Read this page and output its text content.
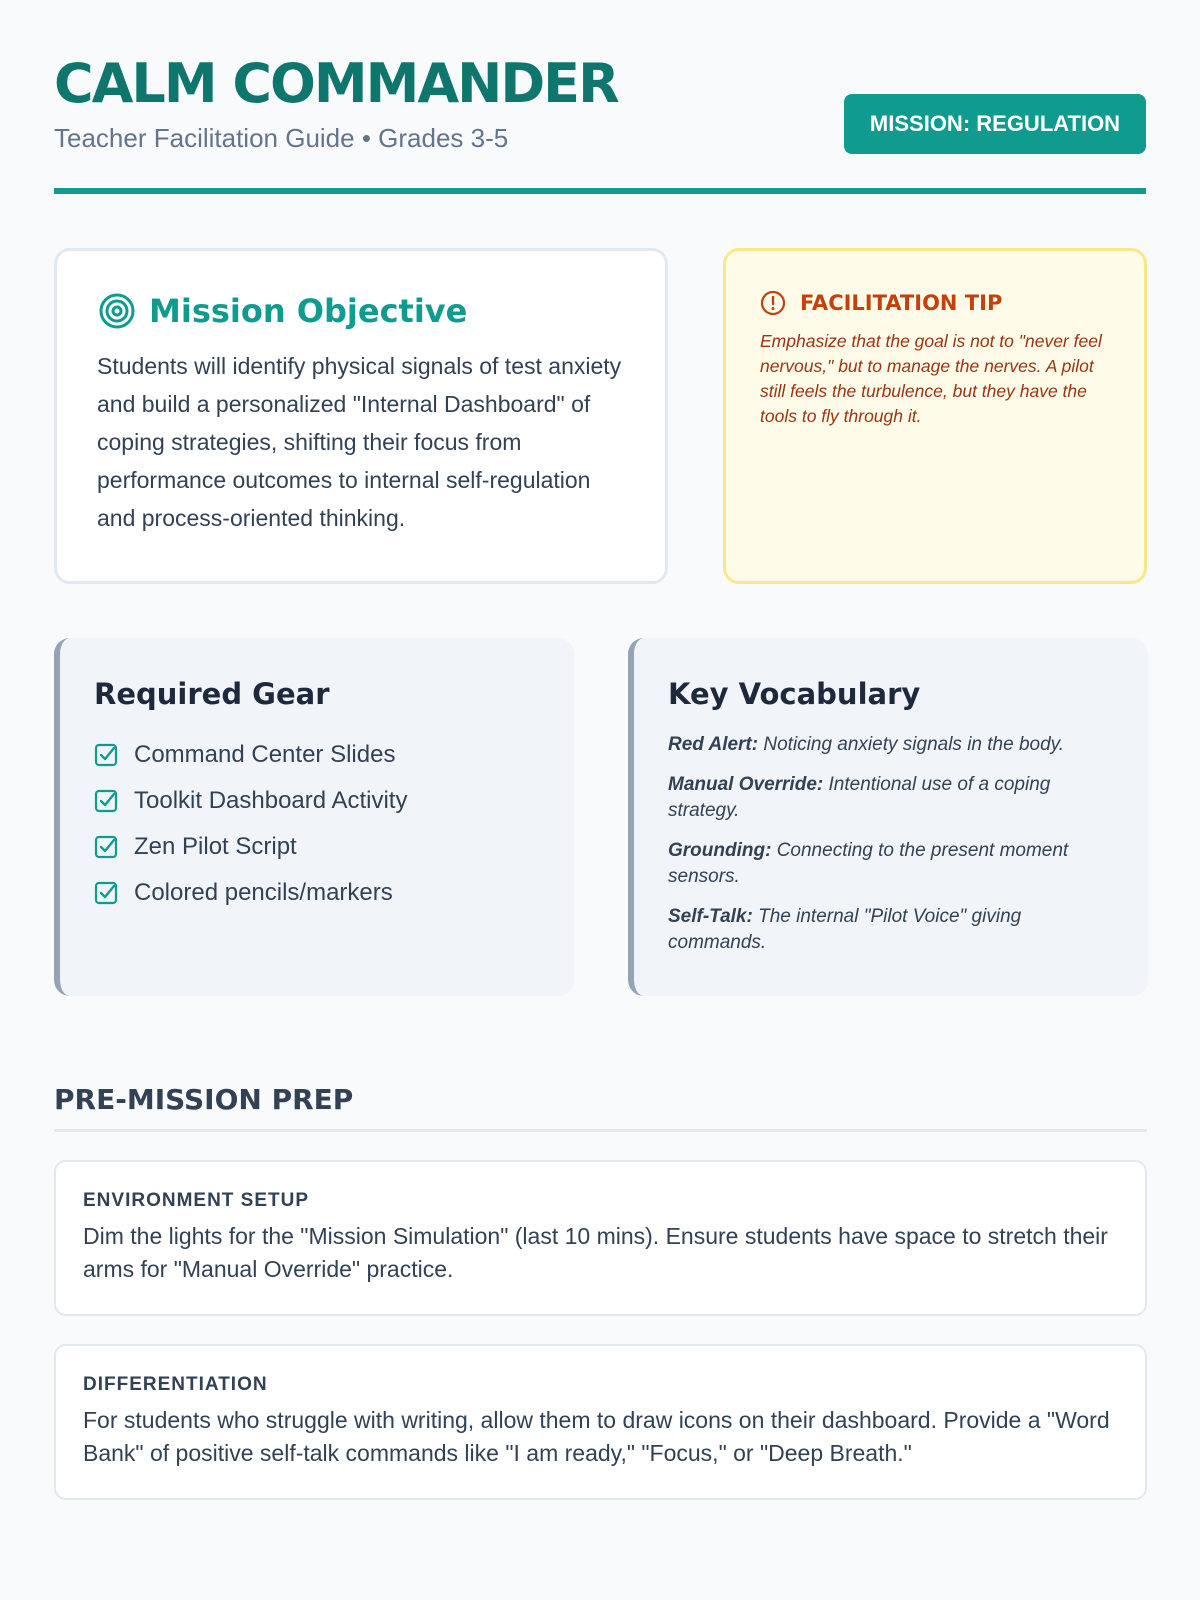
CALM COMMANDER
Teacher Facilitation Guide • Grades 3-5	MISSION: REGULATION
Mission Objective

Students will identify physical signals of test anxiety and build a personalized "Internal Dashboard" of coping strategies, shifting their focus from performance outcomes to internal self-regulation and process-oriented thinking.

FACILITATION TIP

Emphasize that the goal is not to "never feel nervous," but to manage the nerves. A pilot still feels the turbulence, but they have the tools to fly through it.

Required Gear
Command Center Slides
Toolkit Dashboard Activity
Zen Pilot Script
Colored pencils/markers
Key Vocabulary

Red Alert: Noticing anxiety signals in the body.

Manual Override: Intentional use of a coping strategy.

Grounding: Connecting to the present moment sensors.

Self-Talk: The internal "Pilot Voice" giving commands.

PRE-MISSION PREP
ENVIRONMENT SETUP

Dim the lights for the "Mission Simulation" (last 10 mins). Ensure students have space to stretch their arms for "Manual Override" practice.

DIFFERENTIATION

For students who struggle with writing, allow them to draw icons on their dashboard. Provide a "Word Bank" of positive self-talk commands like "I am ready," "Focus," or "Deep Breath."
